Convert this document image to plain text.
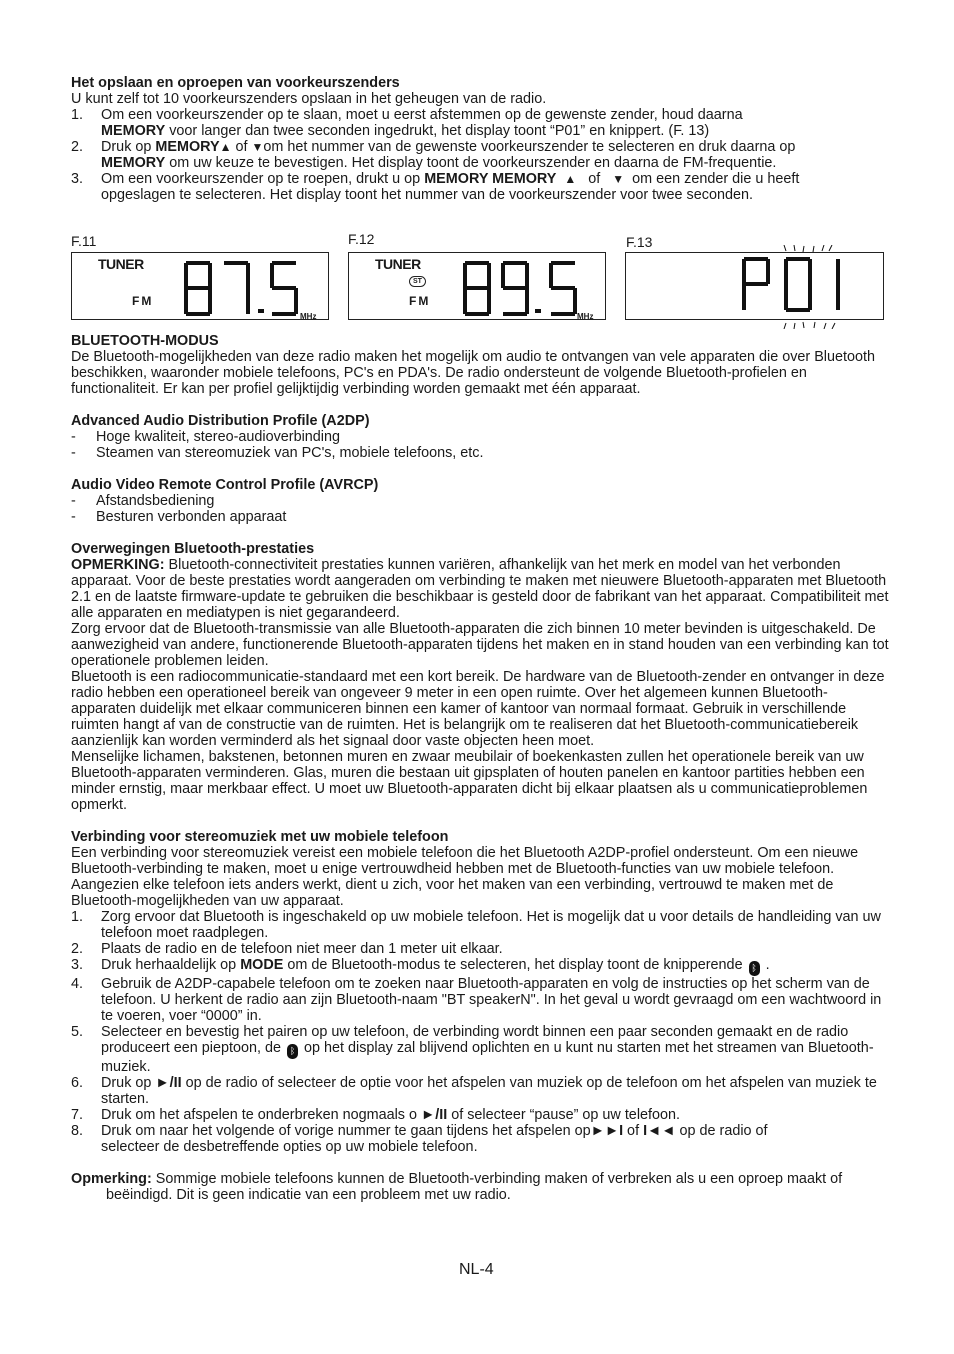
Het opslaan en oproepen van voorkeurszenders

U kunt zelf tot 10 voorkeurszenders opslaan in het geheugen van de radio.

1. Om een voorkeurszender op te slaan, moet u eerst afstemmen op de gewenste zender, houd daarna
MEMORY voor langer dan twee seconden ingedrukt, het display toont “P01” en knippert. (F. 13)
2. Druk op MEMORY▲ of ▼om het nummer van de gewenste voorkeurszender te selecteren en druk daarna op
MEMORY om uw keuze te bevestigen. Het display toont de voorkeurszender en daarna de FM-frequentie.
3. Om een voorkeurszender op te roepen, drukt u op MEMORY MEMORY ▲ of ▼ om een zender die u heeft
opgeslagen te selecteren. Het display toont het nummer van de voorkeurszender voor twee seconden.
F.11
TUNER
FM
MHz
F.12
TUNER
ST
FM
MHz
F.13

BLUETOOTH-MODUS

De Bluetooth-mogelijkheden van deze radio maken het mogelijk om audio te ontvangen van vele apparaten die over Bluetooth beschikken, waaronder mobiele telefoons, PC's en PDA's. De radio ondersteunt de volgende Bluetooth-profielen en functionaliteit. Er kan per profiel gelijktijdig verbinding worden gemaakt met één apparaat.

Advanced Audio Distribution Profile (A2DP)

- Hoge kwaliteit, stereo-audioverbinding
- Steamen van stereomuziek van PC's, mobiele telefoons, etc.

Audio Video Remote Control Profile (AVRCP)

- Afstandsbediening
- Besturen verbonden apparaat

Overwegingen Bluetooth-prestaties

OPMERKING: Bluetooth-connectiviteit prestaties kunnen variëren, afhankelijk van het merk en model van het verbonden apparaat. Voor de beste prestaties wordt aangeraden om verbinding te maken met nieuwere Bluetooth-apparaten met Bluetooth 2.1 en de laatste firmware-update te gebruiken die beschikbaar is gesteld door de fabrikant van het apparaat. Compatibiliteit met alle apparaten en mediatypen is niet gegarandeerd.

Zorg ervoor dat de Bluetooth-transmissie van alle Bluetooth-apparaten die zich binnen 10 meter bevinden is uitgeschakeld. De aanwezigheid van andere, functionerende Bluetooth-apparaten tijdens het maken en in stand houden van een verbinding kan tot operationele problemen leiden.

Bluetooth is een radiocommunicatie-standaard met een kort bereik. De hardware van de Bluetooth-zender en ontvanger in deze radio hebben een operationeel bereik van ongeveer 9 meter in een open ruimte. Over het algemeen kunnen Bluetooth-apparaten duidelijk met elkaar communiceren binnen een kamer of kantoor van normaal formaat. Gebruik in verschillende ruimten hangt af van de constructie van de ruimten. Het is belangrijk om te realiseren dat het Bluetooth-communicatiebereik aanzienlijk kan worden verminderd als het signaal door vaste objecten heen moet.

Menselijke lichamen, bakstenen, betonnen muren en zwaar meubilair of boekenkasten zullen het operationele bereik van uw Bluetooth-apparaten verminderen. Glas, muren die bestaan uit gipsplaten of houten panelen en kantoor partities hebben een minder ernstig, maar merkbaar effect. U moet uw Bluetooth-apparaten dicht bij elkaar plaatsen als u communicatieproblemen opmerkt.

Verbinding voor stereomuziek met uw mobiele telefoon

Een verbinding voor stereomuziek vereist een mobiele telefoon die het Bluetooth A2DP-profiel ondersteunt. Om een nieuwe Bluetooth-verbinding te maken, moet u enige vertrouwdheid hebben met de Bluetooth-functies van uw mobiele telefoon. Aangezien elke telefoon iets anders werkt, dient u zich, voor het maken van een verbinding, vertrouwd te maken met de Bluetooth-mogelijkheden van uw apparaat.

1. Zorg ervoor dat Bluetooth is ingeschakeld op uw mobiele telefoon. Het is mogelijk dat u voor details de handleiding van uw telefoon moet raadplegen.
2. Plaats de radio en de telefoon niet meer dan 1 meter uit elkaar.
3. Druk herhaaldelijk op MODE om de Bluetooth-modus te selecteren, het display toont de knipperende ᛒ .
4. Gebruik de A2DP-capabele telefoon om te zoeken naar Bluetooth-apparaten en volg de instructies op het scherm van de telefoon. U herkent de radio aan zijn Bluetooth-naam "BT speakerN". In het geval u wordt gevraagd om een wachtwoord in te voeren, voer “0000” in.
5. Selecteer en bevestig het pairen op uw telefoon, de verbinding wordt binnen een paar seconden gemaakt en de radio produceert een pieptoon, de ᛒ op het display zal blijvend oplichten en u kunt nu starten met het streamen van Bluetooth-muziek.
6. Druk op ►/II op de radio of selecteer de optie voor het afspelen van muziek op de telefoon om het afspelen van muziek te starten.
7. Druk om het afspelen te onderbreken nogmaals o ►/II of selecteer “pause” op uw telefoon.
8. Druk om naar het volgende of vorige nummer te gaan tijdens het afspelen op►►I of I◄◄ op de radio of
selecteer de desbetreffende opties op uw mobiele telefoon.
Opmerking: Sommige mobiele telefoons kunnen de Bluetooth-verbinding maken of verbreken als u een oproep maakt of beëindigd. Dit is geen indicatie van een probleem met uw radio.
NL-4
